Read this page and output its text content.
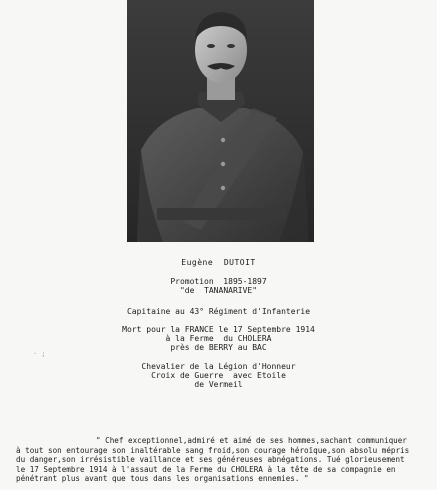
Eugène  DUTOIT
Promotion  1895-1897
"de  TANANARIVE"
Capitaine au 43° Régiment d'Infanterie
Mort pour la FRANCE le 17 Septembre 1914
à la Ferme  du CHOLERA
près de BERRY au BAC
· ;
Chevalier de la Légion d'Honneur
Croix de Guerre  avec Etoile
de Vermeil
" Chef exceptionnel,admiré et aimé de ses hommes,sachant communiquer
à tout son entourage son inaltérable sang froid,son courage héroïque,son absolu mépris
du danger,son irrésistible vaillance et ses généreuses abnégations. Tué glorieusement
le 17 Septembre 1914 à l'assaut de la Ferme du CHOLERA à la tête de sa compagnie en
pénétrant plus avant que tous dans les organisations ennemies. "
